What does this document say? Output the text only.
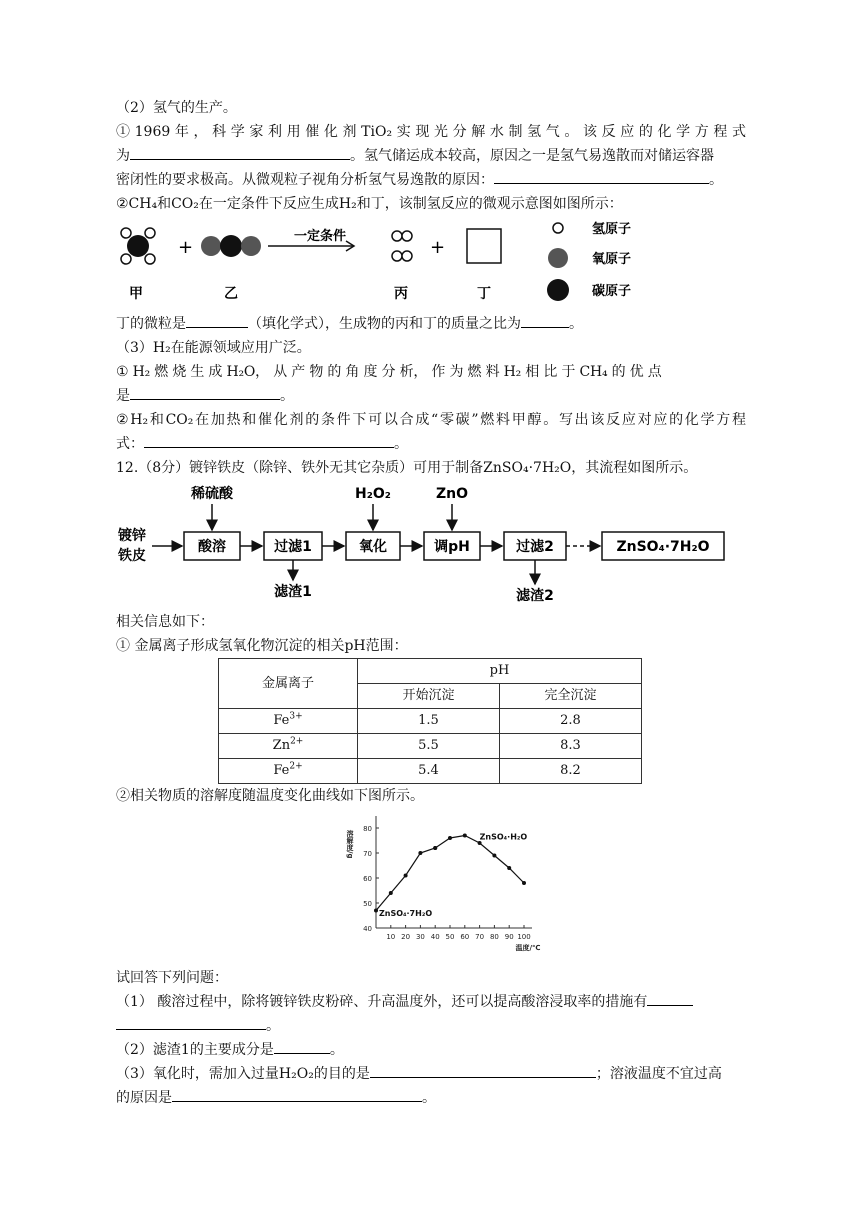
（2）氢气的生产。
①1969年，科学家利用催化剂TiO₂实现光分解水制氢气。该反应的化学方程式
为	。氢气储运成本较高，原因之一是氢气易逸散而对储运容器
密闭性的要求极高。从微观粒子视角分析氢气易逸散的原因：	。
②CH₄和CO₂在一定条件下反应生成H₂和丁，该制氢反应的微观示意图如图所示：
+
一定条件
+
甲	乙	丙	丁
氢原子
氧原子
碳原子
丁的微粒是	（填化学式），生成物的丙和丁的质量之比为	。
（3）H₂在能源领域应用广泛。
① H₂ 燃 烧 生 成 H₂O， 从 产 物 的 角 度 分 析， 作 为 燃 料 H₂ 相 比 于 CH₄ 的 优 点
是	。
②H₂和CO₂在加热和催化剂的条件下可以合成“零碳”燃料甲醇。写出该反应对应的化学方程
式：	。
12.（8分）镀锌铁皮（除锌、铁外无其它杂质）可用于制备ZnSO₄·7H₂O，其流程如图所示。
镀锌
铁皮
酸溶	过滤1	氧化	调pH	过滤2	ZnSO₄·7H₂O
稀硫酸	H₂O₂	ZnO
滤渣1	滤渣2
相关信息如下：
① 金属离子形成氢氧化物沉淀的相关pH范围：
金属离子	pH	
	开始沉淀	完全沉淀
$Fe^{3+}$	1.5	2.8
$Zn^{2+}$	5.5	8.3
$Fe^{2+}$	5.4	8.2
②相关物质的溶解度随温度变化曲线如下图所示。
10 20 30 40 50 60 70 80 90 100
40
50
60
70
80
温度/℃
溶解度/g
ZnSO₄·7H₂O
ZnSO₄·H₂O
试回答下列问题：
（1） 酸溶过程中，除将镀锌铁皮粉碎、升高温度外，还可以提高酸溶浸取率的措施有
。
（2）滤渣1的主要成分是	。
（3）氧化时，需加入过量H₂O₂的目的是	；溶液温度不宜过高
的原因是	。
